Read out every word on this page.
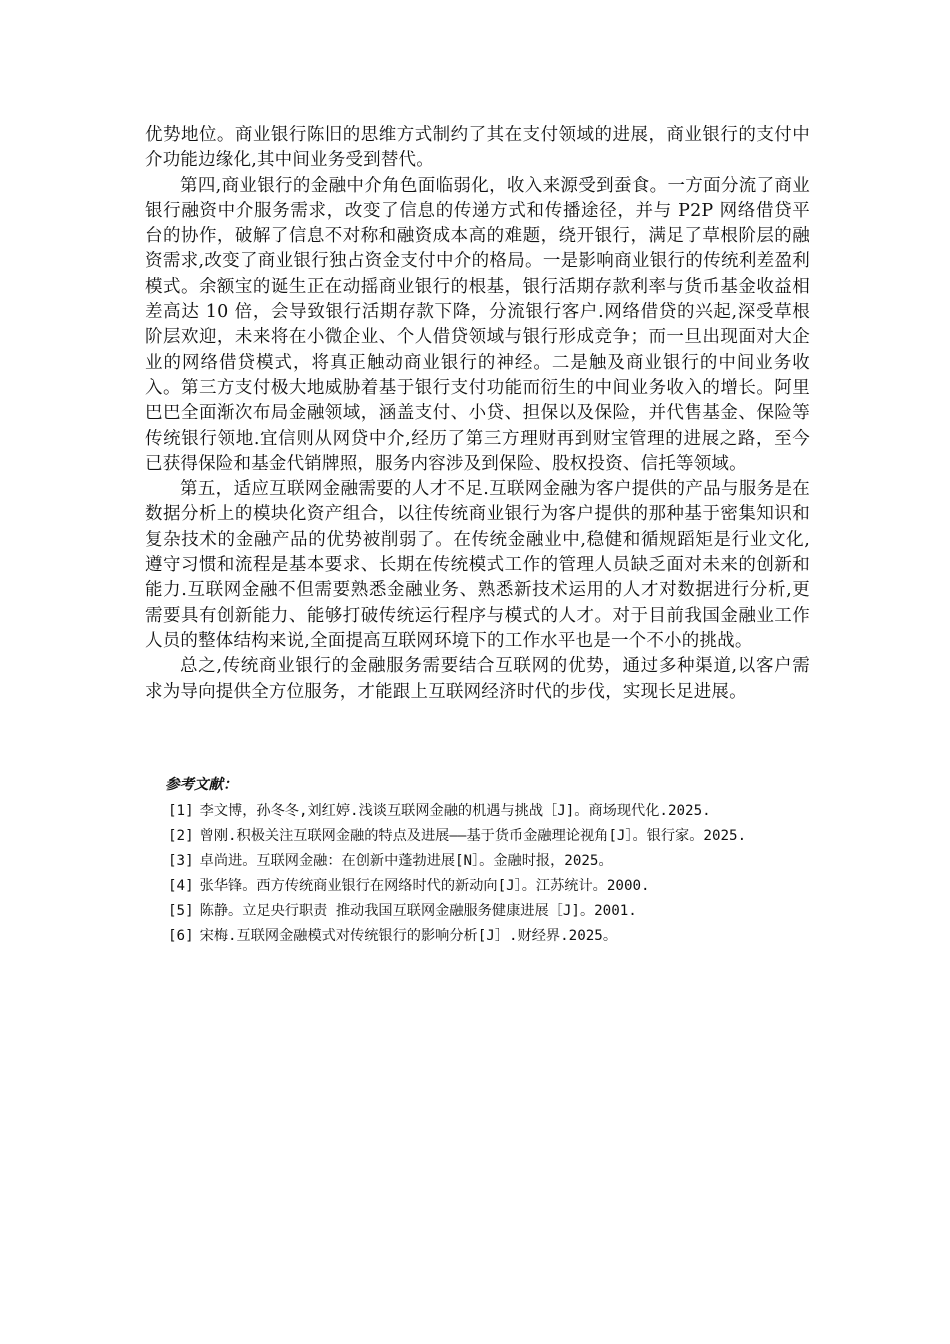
优势地位。商业银行陈旧的思维方式制约了其在支付领域的进展，商业银行的支付中介功能边缘化,其中间业务受到替代。

第四,商业银行的金融中介角色面临弱化，收入来源受到蚕食。一方面分流了商业银行融资中介服务需求，改变了信息的传递方式和传播途径，并与 P2P 网络借贷平台的协作，破解了信息不对称和融资成本高的难题，绕开银行，满足了草根阶层的融资需求,改变了商业银行独占资金支付中介的格局。一是影响商业银行的传统利差盈利模式。余额宝的诞生正在动摇商业银行的根基，银行活期存款利率与货币基金收益相差高达 10 倍，会导致银行活期存款下降，分流银行客户.网络借贷的兴起,深受草根阶层欢迎，未来将在小微企业、个人借贷领域与银行形成竞争；而一旦出现面对大企业的网络借贷模式，将真正触动商业银行的神经。二是触及商业银行的中间业务收入。第三方支付极大地威胁着基于银行支付功能而衍生的中间业务收入的增长。阿里巴巴全面渐次布局金融领域，涵盖支付、小贷、担保以及保险，并代售基金、保险等传统银行领地.宜信则从网贷中介,经历了第三方理财再到财宝管理的进展之路，至今已获得保险和基金代销牌照，服务内容涉及到保险、股权投资、信托等领域。

第五，适应互联网金融需要的人才不足.互联网金融为客户提供的产品与服务是在数据分析上的模块化资产组合，以往传统商业银行为客户提供的那种基于密集知识和复杂技术的金融产品的优势被削弱了。在传统金融业中,稳健和循规蹈矩是行业文化,遵守习惯和流程是基本要求、长期在传统模式工作的管理人员缺乏面对未来的创新和能力.互联网金融不但需要熟悉金融业务、熟悉新技术运用的人才对数据进行分析,更需要具有创新能力、能够打破传统运行程序与模式的人才。对于目前我国金融业工作人员的整体结构来说,全面提高互联网环境下的工作水平也是一个不小的挑战。

总之,传统商业银行的金融服务需要结合互联网的优势，通过多种渠道,以客户需求为导向提供全方位服务，才能跟上互联网经济时代的步伐，实现长足进展。

参考文献：

[1] 李文博，孙冬冬,刘红婷.浅谈互联网金融的机遇与挑战［J]。商场现代化.2025.

[2] 曾刚.积极关注互联网金融的特点及进展——基于货币金融理论视角[J］。银行家。2025.

[3] 卓尚进。互联网金融：在创新中蓬勃进展[N］。金融时报，2025。

[4] 张华锋。西方传统商业银行在网络时代的新动向[J］。江苏统计。2000.

[5] 陈静。立足央行职责 推动我国互联网金融服务健康进展［J]。2001.

[6] 宋梅.互联网金融模式对传统银行的影响分析[J］.财经界.2025。
